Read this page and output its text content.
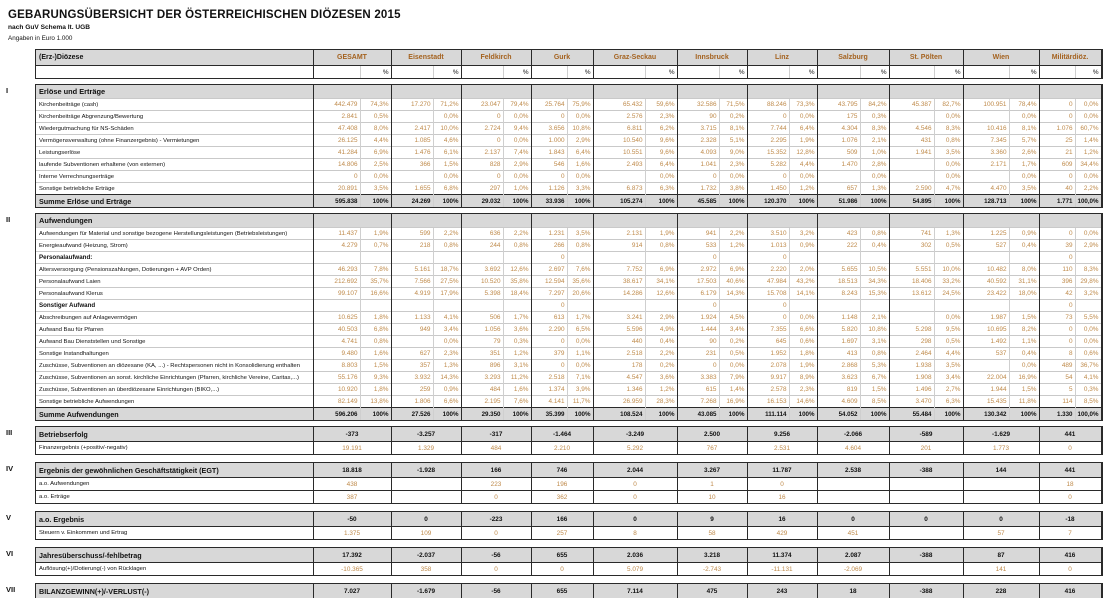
GEBARUNGSÜBERSICHT DER ÖSTERREICHISCHEN DIÖZESEN 2015
nach GuV Schema lt. UGB
Angaben in Euro 1.000
(Erz-)Diözese	GESAMT		Eisenstadt		Feldkirch		Gurk		Graz-Seckau		Innsbruck		Linz		Salzburg		St. Pölten		Wien		Militärdiöz.	
		%		%		%		%		%		%		%		%		%		%		%
I	Erlöse und Erträge																						
Kirchenbeiträge (cash)	442.479	74,3%	17.270	71,2%	23.047	79,4%	25.764	75,9%	65.432	59,6%	32.586	71,5%	88.246	73,3%	43.795	84,2%	45.387	82,7%	100.951	78,4%	0	0,0%
Kirchenbeiträge Abgrenzung/Bewertung	2.841	0,5%		0,0%	0	0,0%	0	0,0%	2.576	2,3%	90	0,2%	0	0,0%	175	0,3%		0,0%		0,0%	0	0,0%
Wiedergutmachung für NS-Schäden	47.408	8,0%	2.417	10,0%	2.724	9,4%	3.656	10,8%	6.811	6,2%	3.715	8,1%	7.744	6,4%	4.304	8,3%	4.546	8,3%	10.416	8,1%	1.076	60,7%
Vermögensverwaltung (ohne Finanzergebnis) - Vermietungen	26.125	4,4%	1.085	4,6%	0	0,0%	1.000	2,9%	10.540	9,6%	2.328	5,1%	2.295	1,9%	1.076	2,1%	431	0,8%	7.345	5,7%	25	1,4%
Leistungserlöse	41.284	6,9%	1.476	6,1%	2.137	7,4%	1.843	6,4%	10.551	9,6%	4.093	9,0%	15.352	12,8%	509	1,0%	1.941	3,5%	3.360	2,6%	21	1,2%
laufende Subventionen erhaltene (von externen)	14.806	2,5%	366	1,5%	828	2,9%	546	1,6%	2.493	6,4%	1.041	2,3%	5.282	4,4%	1.470	2,8%		0,0%	2.171	1,7%	609	34,4%
Interne Verrechnungserträge	0	0,0%		0,0%	0	0,0%	0	0,0%		0,0%	0	0,0%	0	0,0%		0,0%		0,0%		0,0%	0	0,0%
Sonstige betriebliche Erträge	20.891	3,5%	1.655	6,8%	297	1,0%	1.126	3,3%	6.873	6,3%	1.732	3,8%	1.450	1,2%	657	1,3%	2.590	4,7%	4.470	3,5%	40	2,2%
Summe Erlöse und Erträge	595.838	100%	24.269	100%	29.032	100%	33.936	100%	105.274	100%	45.585	100%	120.370	100%	51.986	100%	54.895	100%	128.713	100%	1.771	100,0%
II	Aufwendungen																						
Aufwendungen für Material und sonstige bezogene Herstellungsleistungen (Betriebsleistungen)	11.437	1,9%	599	2,2%	636	2,2%	1.231	3,5%	2.131	1,9%	941	2,2%	3.510	3,2%	423	0,8%	741	1,3%	1.225	0,9%	0	0,0%
Energieaufwand (Heizung, Strom)	4.279	0,7%	218	0,8%	244	0,8%	266	0,8%	914	0,8%	533	1,2%	1.013	0,9%	222	0,4%	302	0,5%	527	0,4%	39	2,9%
Personalaufwand:							0				0		0								0	
Altersversorgung (Pensionszahlungen, Dotierungen + AVP Orden)	46.293	7,8%	5.161	18,7%	3.692	12,6%	2.697	7,6%	7.752	6,9%	2.972	6,9%	2.220	2,0%	5.655	10,5%	5.551	10,0%	10.482	8,0%	110	8,3%
Personalaufwand Laien	212.692	35,7%	7.566	27,5%	10.520	35,8%	12.594	35,6%	38.617	34,1%	17.503	40,6%	47.984	43,2%	18.513	34,3%	18.406	33,2%	40.592	31,1%	396	29,8%
Personalaufwand Klerus	99.107	16,6%	4.919	17,9%	5.398	18,4%	7.297	20,6%	14.286	12,6%	6.179	14,3%	15.708	14,1%	8.243	15,3%	13.612	24,5%	23.422	18,0%	42	3,2%
Sonstiger Aufwand							0				0		0								0	
Abschreibungen auf Anlagevermögen	10.625	1,8%	1.133	4,1%	506	1,7%	613	1,7%	3.241	2,9%	1.924	4,5%	0	0,0%	1.148	2,1%		0,0%	1.987	1,5%	73	5,5%
Aufwand Bau für Pfarren	40.503	6,8%	949	3,4%	1.056	3,6%	2.290	6,5%	5.596	4,9%	1.444	3,4%	7.355	6,6%	5.820	10,8%	5.298	9,5%	10.695	8,2%	0	0,0%
Aufwand Bau Dienststellen und Sonstige	4.741	0,8%		0,0%	79	0,3%	0	0,0%	440	0,4%	90	0,2%	645	0,6%	1.697	3,1%	298	0,5%	1.492	1,1%	0	0,0%
Sonstige Instandhaltungen	9.480	1,6%	627	2,3%	351	1,2%	379	1,1%	2.518	2,2%	231	0,5%	1.952	1,8%	413	0,8%	2.464	4,4%	537	0,4%	8	0,6%
Zuschüsse, Subventionen an diözesane (KA, ...) - Rechtspersonen nicht in Konsolidierung enthalten	8.803	1,5%	357	1,3%	896	3,1%	0	0,0%	178	0,2%	0	0,0%	2.078	1,9%	2.868	5,3%	1.938	3,5%		0,0%	489	36,7%
Zuschüsse, Subventionen an sonst. kirchliche Einrichtungen (Pfarren, kirchliche Vereine, Caritas,...)	55.176	9,3%	3.932	14,3%	3.293	11,2%	2.518	7,1%	4.547	3,6%	3.383	7,9%	9.917	8,9%	3.623	6,7%	1.908	3,4%	22.004	16,9%	54	4,1%
Zuschüsse, Subventionen an überdiözesane Einrichtungen (BIKO,...)	10.920	1,8%	259	0,9%	484	1,6%	1.374	3,9%	1.346	1,2%	615	1,4%	2.578	2,3%	819	1,5%	1.496	2,7%	1.944	1,5%	5	0,3%
Sonstige betriebliche Aufwendungen	82.149	13,8%	1.806	6,6%	2.195	7,6%	4.141	11,7%	26.959	28,3%	7.268	16,9%	16.153	14,6%	4.609	8,5%	3.470	6,3%	15.435	11,8%	114	8,5%
Summe Aufwendungen	596.206	100%	27.526	100%	29.350	100%	35.399	100%	108.524	100%	43.085	100%	111.114	100%	54.052	100%	55.484	100%	130.342	100%	1.330	100,0%
III	Betriebserfolg	-373	-3.257	-317	-1.464	-3.249	2.500	9.256	-2.066	-589	-1.629	441
Finanzergebnis (+positiv/-negativ)	19.191	1.329	484	2.210	5.292	767	2.531	4.604	201	1.773	0
IV	Ergebnis der gewöhnlichen Geschäftstätigkeit (EGT)	18.818	-1.928	166	746	2.044	3.267	11.787	2.538	-388	144	441
a.o. Aufwendungen	438		223	196	0	1	0				18
a.o. Erträge	387		0	362	0	10	16				0
V	a.o. Ergebnis	-50	0	-223	166	0	9	16	0	0	0	-18
Steuern v. Einkommen und Ertrag	1.375	109	0	257	8	58	429	451		57	7
VI	Jahresüberschuss/-fehlbetrag	17.392	-2.037	-56	655	2.036	3.218	11.374	2.087	-388	87	416
Auflösung(+)/Dotierung(-) von Rücklagen	-10.365	358	0	0	5.079	-2.743	-11.131	-2.069		141	0
VII	BILANZGEWINN(+)/-VERLUST(-)	7.027	-1.679	-56	655	7.114	475	243	18	-388	228	416
